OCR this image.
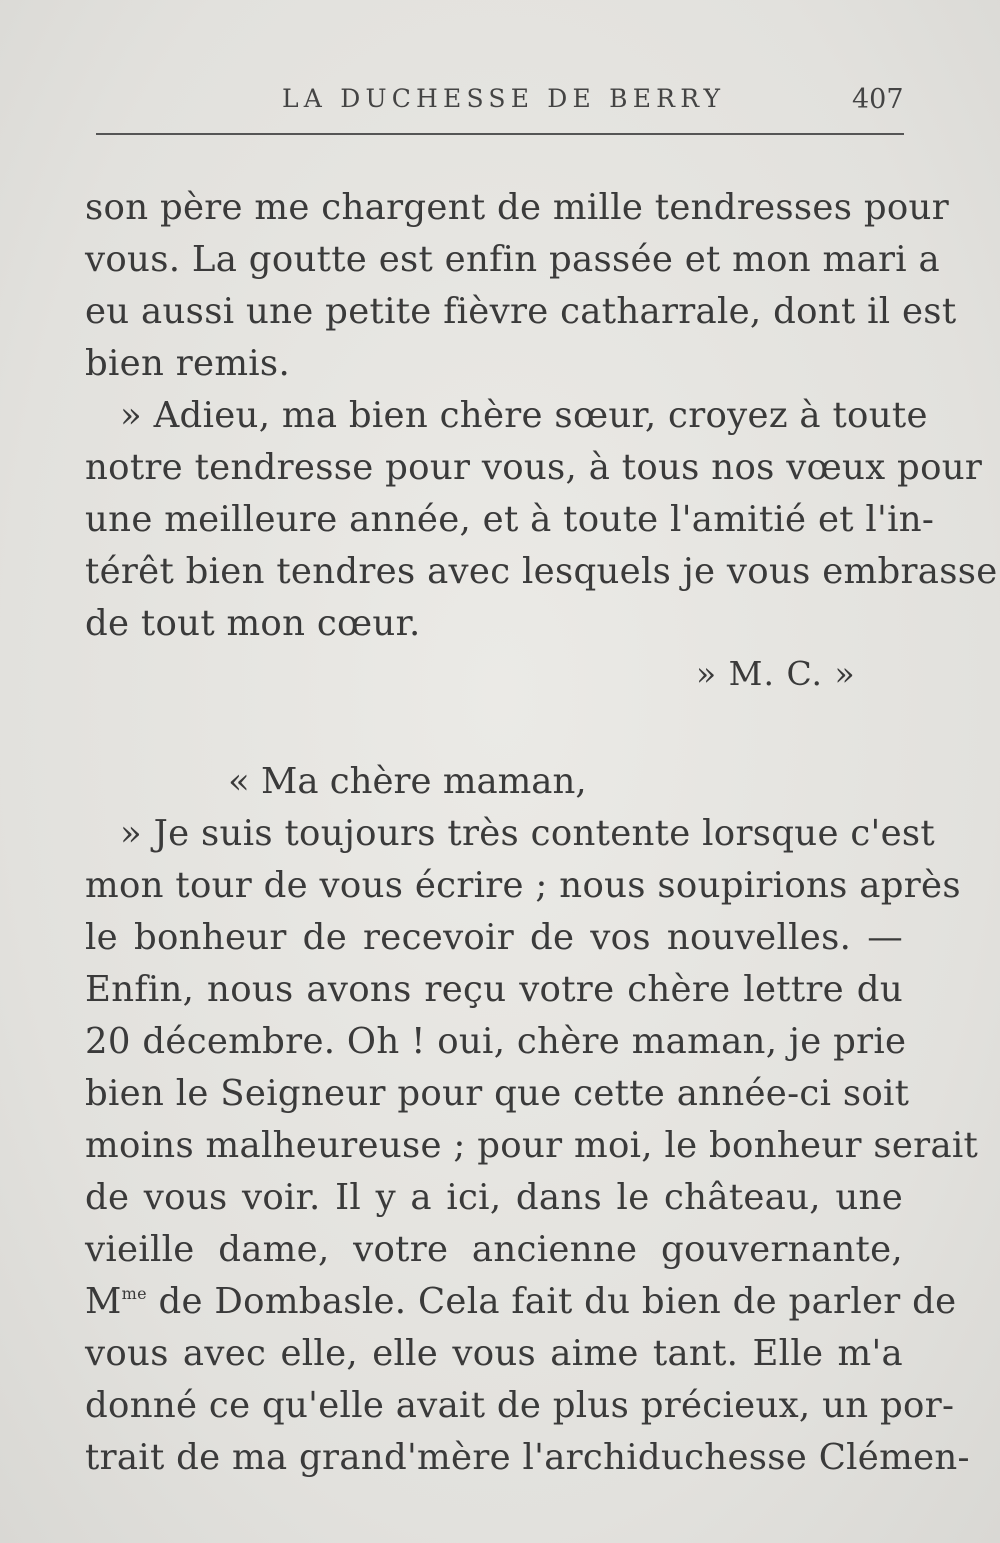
LA DUCHESSE DE BERRY	407
son père me chargent de mille tendresses pour
vous. La goutte est enfin passée et mon mari a
eu aussi une petite fièvre catharrale, dont il est
bien remis.
» Adieu, ma bien chère sœur, croyez à toute
notre tendresse pour vous, à tous nos vœux pour
une meilleure année, et à toute l'amitié et l'in-
térêt bien tendres avec lesquels je vous embrasse
de tout mon cœur.
» M. C. »
« Ma chère maman,
» Je suis toujours très contente lorsque c'est
mon tour de vous écrire ; nous soupirions après
le bonheur de recevoir de vos nouvelles. —
Enfin, nous avons reçu votre chère lettre du
20 décembre. Oh ! oui, chère maman, je prie
bien le Seigneur pour que cette année-ci soit
moins malheureuse ; pour moi, le bonheur serait
de vous voir. Il y a ici, dans le château, une
vieille dame, votre ancienne gouvernante,
$M^{me}$ de Dombasle. Cela fait du bien de parler de
vous avec elle, elle vous aime tant. Elle m'a
donné ce qu'elle avait de plus précieux, un por-
trait de ma grand'mère l'archiduchesse Clémen-
